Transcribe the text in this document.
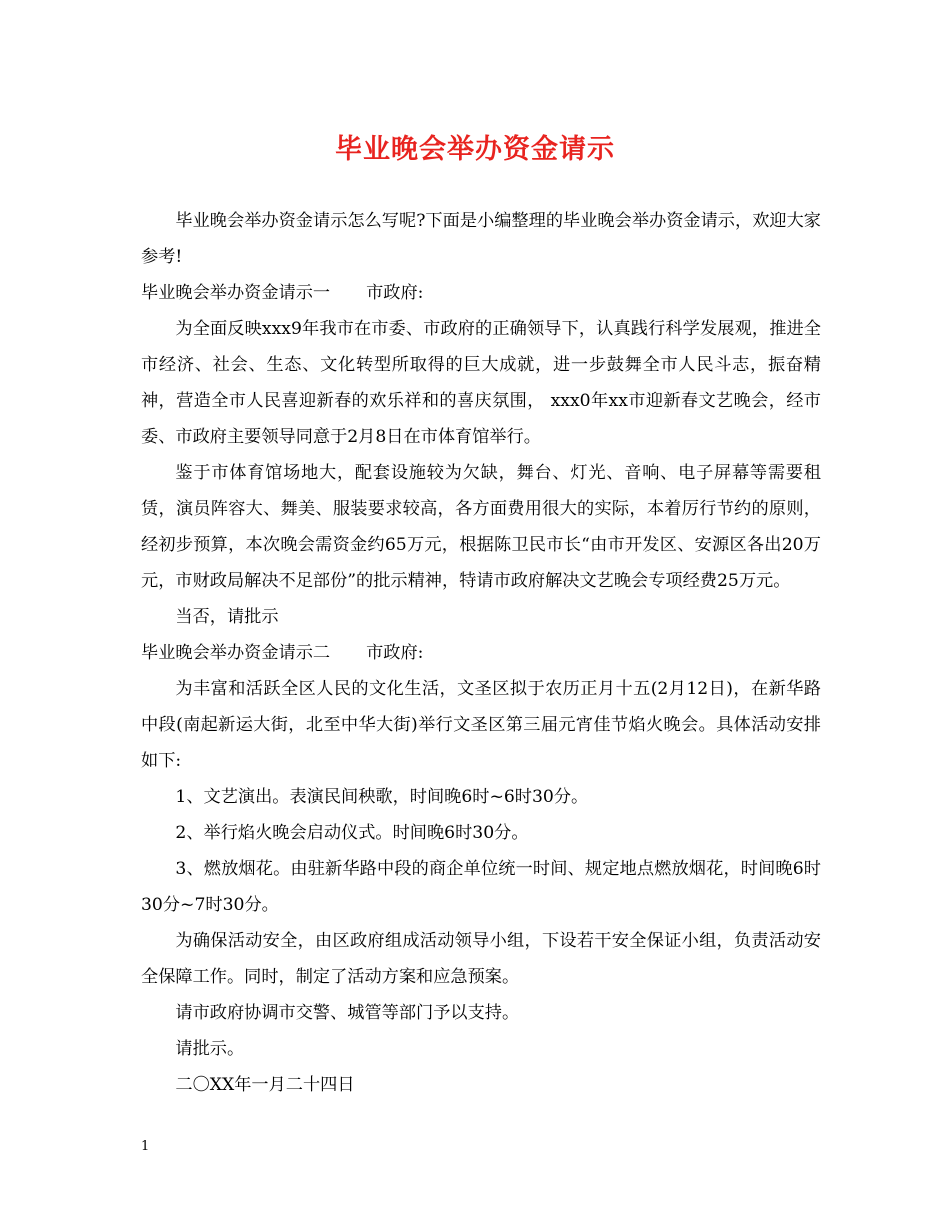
毕业晚会举办资金请示

毕业晚会举办资金请示怎么写呢?下面是小编整理的毕业晚会举办资金请示，欢迎大家参考!

毕业晚会举办资金请示一 市政府:

为全面反映xxx9年我市在市委、市政府的正确领导下，认真践行科学发展观，推进全市经济、社会、生态、文化转型所取得的巨大成就，进一步鼓舞全市人民斗志，振奋精神，营造全市人民喜迎新春的欢乐祥和的喜庆氛围， xxx0年xx市迎新春文艺晚会，经市委、市政府主要领导同意于2月8日在市体育馆举行。

鉴于市体育馆场地大，配套设施较为欠缺，舞台、灯光、音响、电子屏幕等需要租赁，演员阵容大、舞美、服装要求较高，各方面费用很大的实际，本着厉行节约的原则，经初步预算，本次晚会需资金约65万元，根据陈卫民市长“由市开发区、安源区各出20万元，市财政局解决不足部份”的批示精神，特请市政府解决文艺晚会专项经费25万元。

当否，请批示

毕业晚会举办资金请示二 市政府:

为丰富和活跃全区人民的文化生活，文圣区拟于农历正月十五(2月12日)，在新华路中段(南起新运大街，北至中华大街)举行文圣区第三届元宵佳节焰火晚会。具体活动安排如下:

1、文艺演出。表演民间秧歌，时间晚6时~6时30分。

2、举行焰火晚会启动仪式。时间晚6时30分。

3、燃放烟花。由驻新华路中段的商企单位统一时间、规定地点燃放烟花，时间晚6时30分~7时30分。

为确保活动安全，由区政府组成活动领导小组，下设若干安全保证小组，负责活动安全保障工作。同时，制定了活动方案和应急预案。

请市政府协调市交警、城管等部门予以支持。

请批示。

二〇XX年一月二十四日

1
